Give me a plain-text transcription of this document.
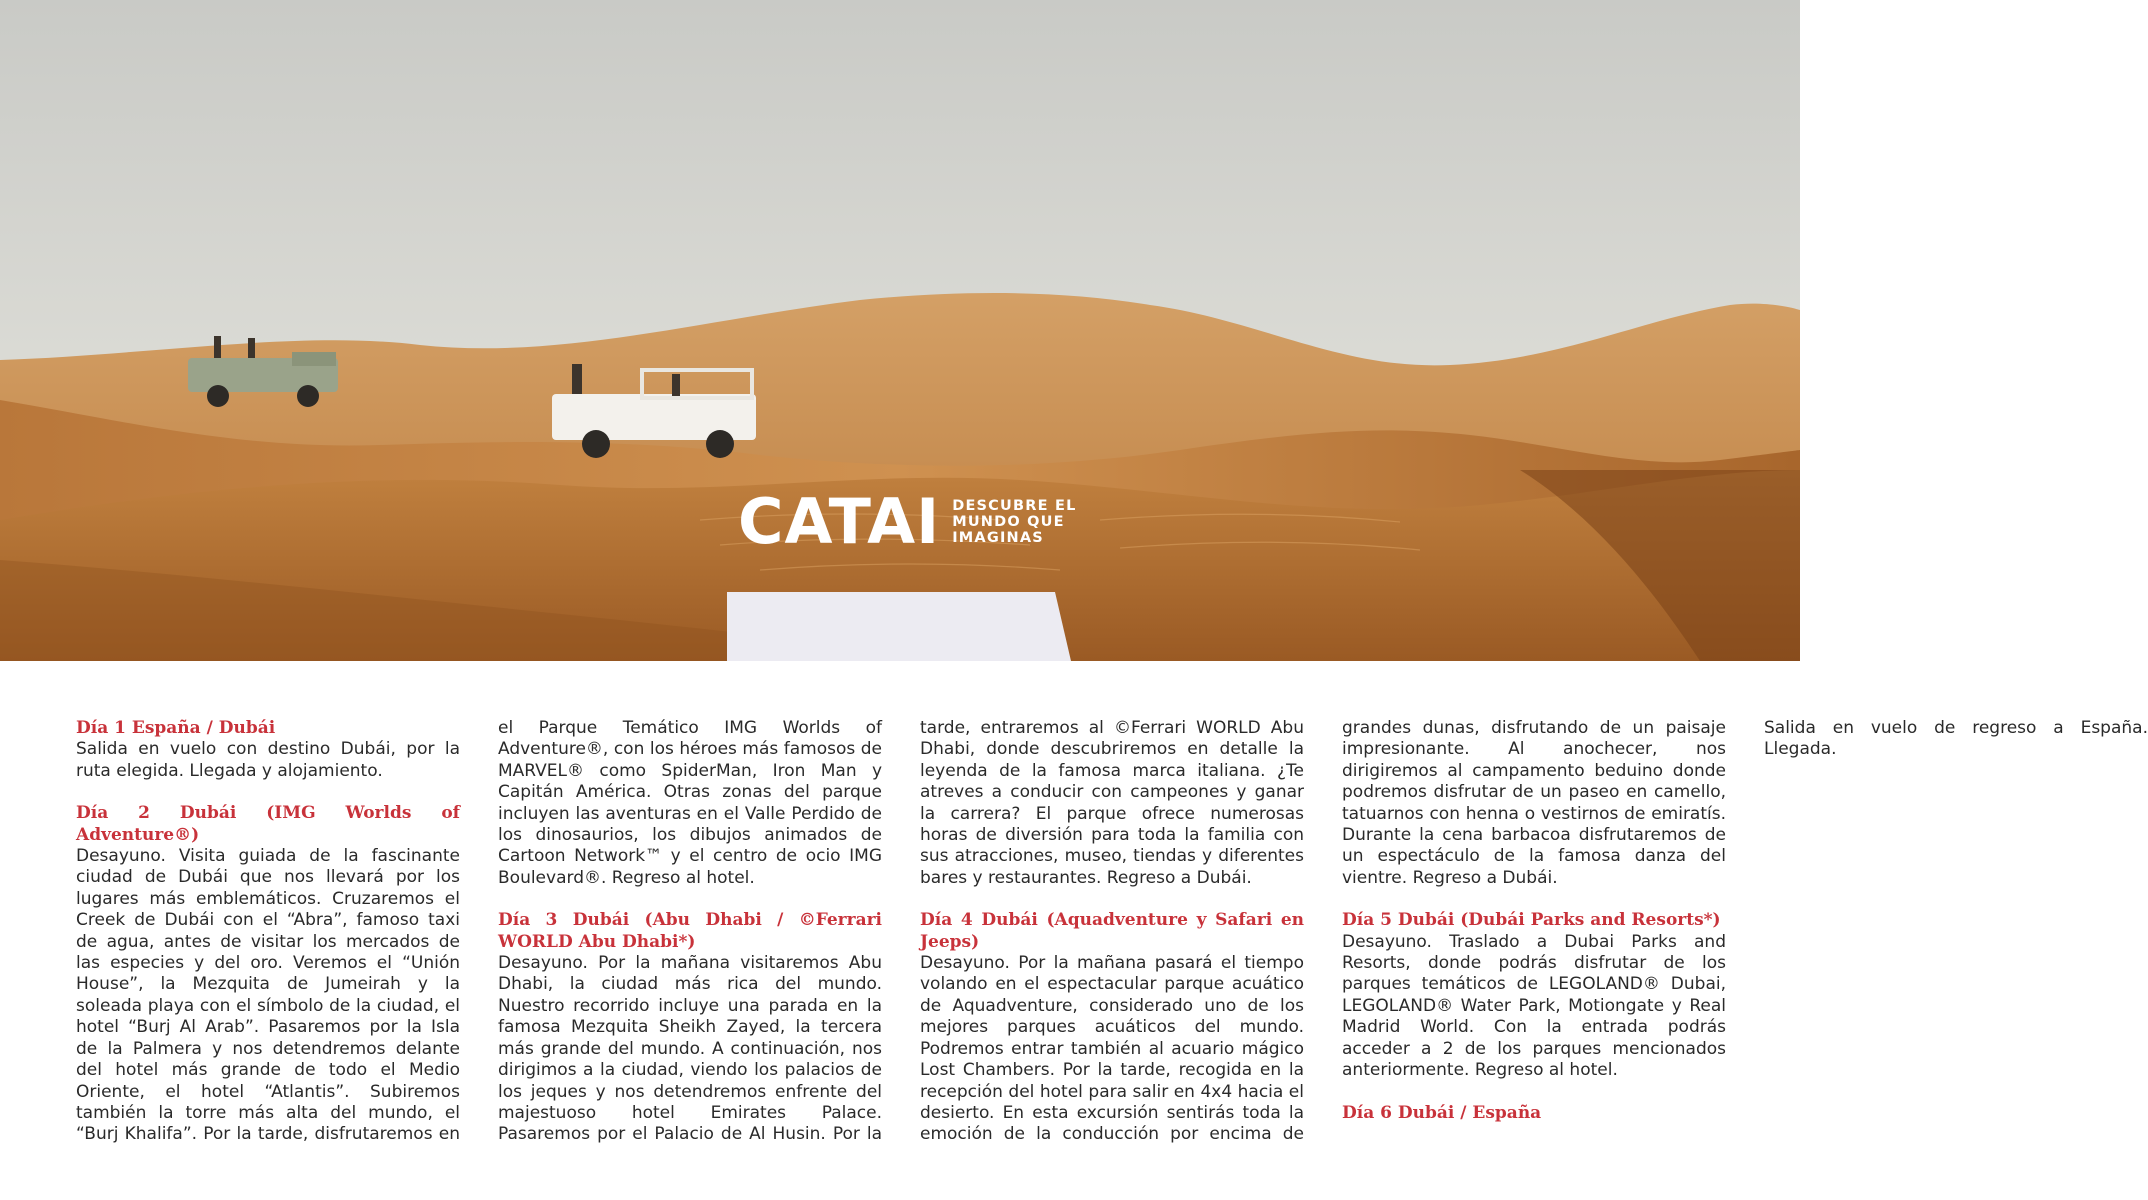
CATAI DESCUBRE EL
MUNDO QUE
IMAGINAS
Día 1 España / Dubái

Salida en vuelo con destino Dubái, por la ruta elegida. Llegada y alojamiento.

Día 2 Dubái (IMG Worlds of Adventure®)

Desayuno. Visita guiada de la fascinante ciudad de Dubái que nos llevará por los lugares más emblemáticos. Cruzaremos el Creek de Dubái con el “Abra”, famoso taxi de agua, antes de visitar los mercados de las especies y del oro. Veremos el “Unión House”, la Mezquita de Jumeirah y la soleada playa con el símbolo de la ciudad, el hotel “Burj Al Arab”. Pasaremos por la Isla de la Palmera y nos detendremos delante del hotel más grande de todo el Medio Oriente, el hotel “Atlantis”. Subiremos también la torre más alta del mundo, el “Burj Khalifa”. Por la tarde, disfrutaremos en el Parque Temático IMG Worlds of Adventure®, con los héroes más famosos de MARVEL® como SpiderMan, Iron Man y Capitán América. Otras zonas del parque incluyen las aventuras en el Valle Perdido de los dinosaurios, los dibujos animados de Cartoon Network™ y el centro de ocio IMG Boulevard®. Regreso al hotel.

Día 3 Dubái (Abu Dhabi / ©Ferrari WORLD Abu Dhabi*)

Desayuno. Por la mañana visitaremos Abu Dhabi, la ciudad más rica del mundo. Nuestro recorrido incluye una parada en la famosa Mezquita Sheikh Zayed, la tercera más grande del mundo. A continuación, nos dirigimos a la ciudad, viendo los palacios de los jeques y nos detendremos enfrente del majestuoso hotel Emirates Palace. Pasaremos por el Palacio de Al Husin. Por la tarde, entraremos al ©Ferrari WORLD Abu Dhabi, donde descubriremos en detalle la leyenda de la famosa marca italiana. ¿Te atreves a conducir con campeones y ganar la carrera? El parque ofrece numerosas horas de diversión para toda la familia con sus atracciones, museo, tiendas y diferentes bares y restaurantes. Regreso a Dubái.

Día 4 Dubái (Aquadventure y Safari en Jeeps)

Desayuno. Por la mañana pasará el tiempo volando en el espectacular parque acuático de Aquadventure, considerado uno de los mejores parques acuáticos del mundo. Podremos entrar también al acuario mágico Lost Chambers. Por la tarde, recogida en la recepción del hotel para salir en 4x4 hacia el desierto. En esta excursión sentirás toda la emoción de la conducción por encima de grandes dunas, disfrutando de un paisaje impresionante. Al anochecer, nos dirigiremos al campamento beduino donde podremos disfrutar de un paseo en camello, tatuarnos con henna o vestirnos de emiratís. Durante la cena barbacoa disfrutaremos de un espectáculo de la famosa danza del vientre. Regreso a Dubái.

Día 5 Dubái (Dubái Parks and Resorts*)

Desayuno. Traslado a Dubai Parks and Resorts, donde podrás disfrutar de los parques temáticos de LEGOLAND® Dubai, LEGOLAND® Water Park, Motiongate y Real Madrid World. Con la entrada podrás acceder a 2 de los parques mencionados anteriormente. Regreso al hotel.

Día 6 Dubái / España

Salida en vuelo de regreso a España. Llegada.
